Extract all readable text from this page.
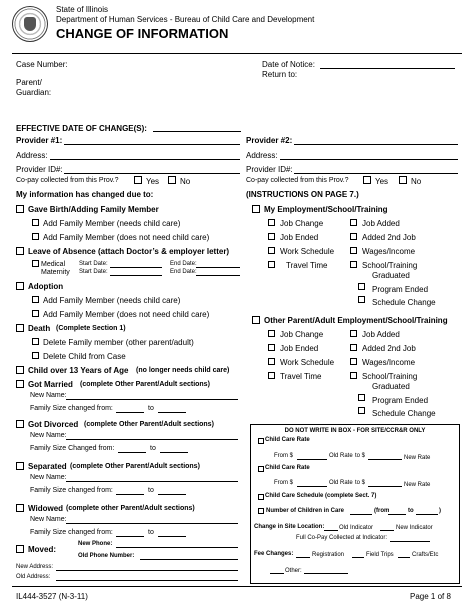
State of Illinois
Department of Human Services - Bureau of Child Care and Development
CHANGE OF INFORMATION
Case Number:	Date of Notice:
Return to:
Parent/
Guardian:
EFFECTIVE DATE OF CHANGE(S):
Provider #1:
Address:
Provider ID#:
Co-pay collected from this Prov.?	Yes	No
Provider #2:
Address:
Provider ID#:
Co-pay collected from this Prov.?	Yes	No
My information has changed due to:	(INSTRUCTIONS ON PAGE 7.)
Gave Birth/Adding Family Member
Add Family Member (needs child care)
Add Family Member (does not need child care)
Leave of Absence (attach Doctor’s & employer letter)
Medical
Maternity
Start Date:
Start Date:
End Date:
End Date:
Adoption
Add Family Member (needs child care)
Add Family Member (does not need child care)
Death (Complete Section 1)
Delete Family member (other parent/adult)
Delete Child from Case
Child over 13 Years of Age (no longer needs child care)
Got Married (complete Other Parent/Adult sections)
New Name:
Family Size changed from:	to
Got Divorced (complete Other Parent/Adult sections)
New Name:
Family Size Changed from:	to
Separated (complete Other Parent/Adult sections)
New Name:
Family Size changed from:	to
Widowed (complete other Parent/Adult sections)
New Name:
Family Size changed from:	to
Moved:
New Phone:
Old Phone Number:
New Address:
Old Address:
My Employment/School/Training
Job Change	Job Added
Job Ended	Added 2nd Job
Work Schedule	Wages/Income
Travel Time	School/Training
Graduated
Program Ended
Schedule Change
Other Parent/Adult Employment/School/Training
Job Change	Job Added
Job Ended	Added 2nd Job
Work Schedule	Wages/Income
Travel Time	School/Training
Graduated
Program Ended
Schedule Change
DO NOT WRITE IN BOX - FOR SITE/CCR&R ONLY
Child Care Rate
From $	Old Rate to $	New Rate
Child Care Rate
From $	Old Rate to $	New Rate
Child Care Schedule (complete Sect. 7)
Number of Children in Care	(from	to	)
Change in Site Location: Old Indicator	New Indicator
Full Co-Pay Collected at Indicator:
Fee Changes:	Registration	Field Trips	Crafts/Etc
Other:
IL444-3527 (N-3-11)	Page 1 of 8
